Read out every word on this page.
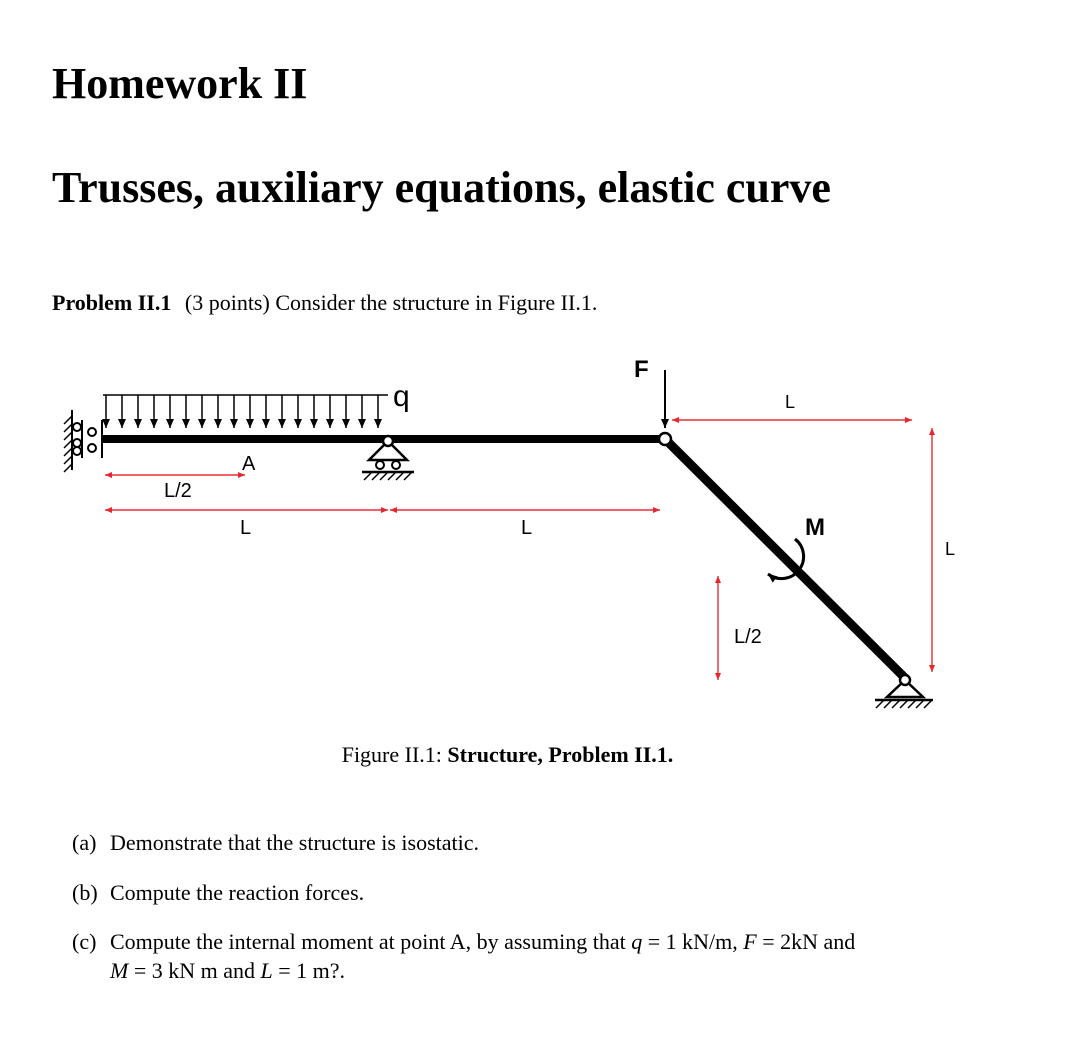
Homework II
Trusses, auxiliary equations, elastic curve
Problem II.1 (3 points) Consider the structure in Figure II.1.
q
F
M
A
L/2
L	L
L
L
L/2
Figure II.1: Structure, Problem II.1.
(a) Demonstrate that the structure is isostatic.
(b) Compute the reaction forces.
(c) Compute the internal moment at point A, by assuming that q = 1 kN/m, F = 2kN and
M = 3 kN m and L = 1 m?.
